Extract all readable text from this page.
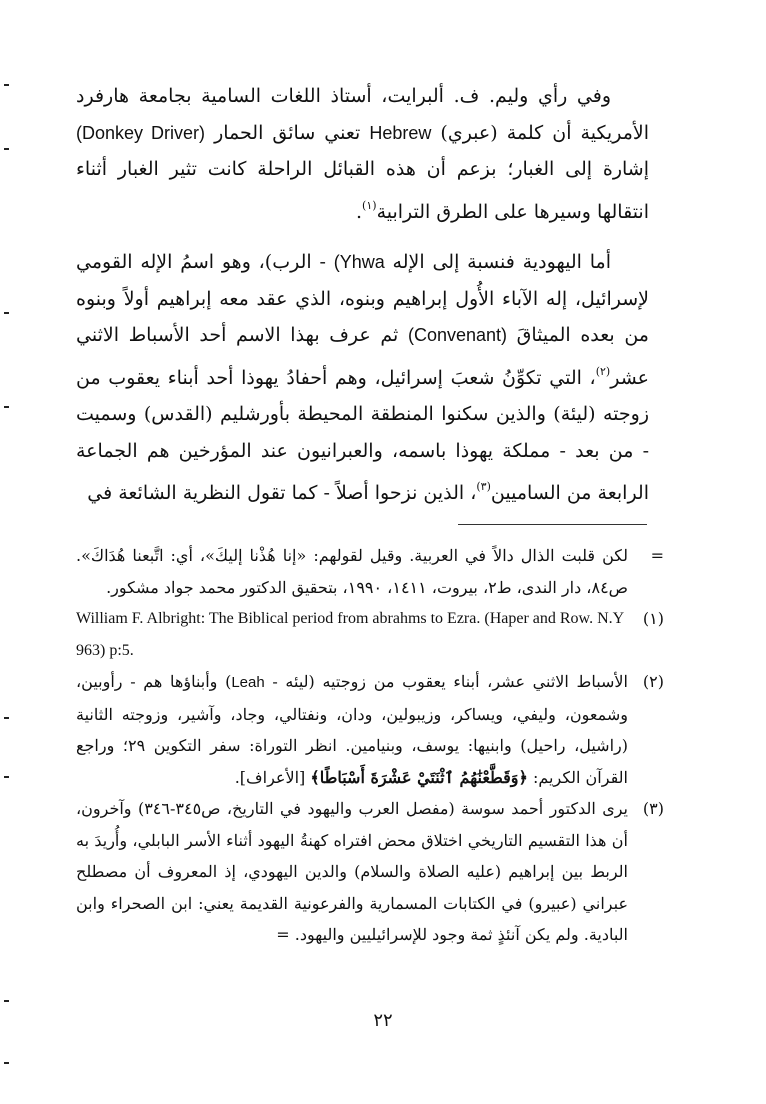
وفي رأي وليم. ف. ألبرايت، أستاذ اللغات السامية بجامعة هارفرد الأمريكية أن كلمة (عبري) Hebrew تعني سائق الحمار (Donkey Driver) إشارة إلى الغبار؛ بزعم أن هذه القبائل الراحلة كانت تثير الغبار أثناء انتقالها وسيرها على الطرق الترابية$^{(١)}$.

أما اليهودية فنسبة إلى الإله (Yhwa - الرب)، وهو اسمُ الإله القومي لإسرائيل، إله الآباء الأُول إبراهيم وبنوه، الذي عقد معه إبراهيم أولاً وبنوه من بعده الميثاقَ (Convenant) ثم عرف بهذا الاسم أحد الأسباط الاثني عشر$^{(٢)}$، التي تكوِّنُ شعبَ إسرائيل، وهم أحفادُ يهوذا أحد أبناء يعقوب من زوجته (ليئة) والذين سكنوا المنطقة المحيطة بأورشليم (القدس) وسميت - من بعد - مملكة يهوذا باسمه، والعبرانيون عند المؤرخين هم الجماعة الرابعة من الساميين$^{(٣)}$، الذين نزحوا أصلاً - كما تقول النظرية الشائعة في

=
لكن قلبت الذال دالاً في العربية. وقيل لقولهم: «إنا هُذْنا إليكَ»، أي: اتَّبعنا هُدَاكَ». ص٨٤، دار الندى، ط٢، بيروت، ١٤١١، ١٩٩٠، بتحقيق الدكتور محمد جواد مشكور.
(١)
William F. Albright: The Biblical period from abrahms to Ezra. (Haper and Row. N.Y 963) p:5.
(٢)
الأسباط الاثني عشر، أبناء يعقوب من زوجتيه (ليئه - Leah) وأبناؤها هم - رأوبين، وشمعون، وليفي، ويساكر، وزيبولين، ودان، ونفتالي، وجاد، وآشير، وزوجته الثانية (راشيل، راحيل) وابنيها: يوسف، وبنيامين. انظر التوراة: سفر التكوين ٢٩؛ وراجع القرآن الكريم: ﴿وَقَطَّعْنَٰهُمُ ٱثْنَتَيْ عَشْرَةَ أَسْبَاطًا﴾ [الأعراف].
(٣)
يرى الدكتور أحمد سوسة (مفصل العرب واليهود في التاريخ، ص٣٤٥-٣٤٦) وآخرون، أن هذا التقسيم التاريخي اختلاق محض افتراه كهنةُ اليهود أثناء الأسر البابلي، وأُريدَ به الربط بين إبراهيم (عليه الصلاة والسلام) والدين اليهودي، إذ المعروف أن مصطلح عبراني (عبيرو) في الكتابات المسمارية والفرعونية القديمة يعني: ابن الصحراء وابن البادية. ولم يكن آنئذٍ ثمة وجود للإسرائيليين واليهود. =
٢٢
